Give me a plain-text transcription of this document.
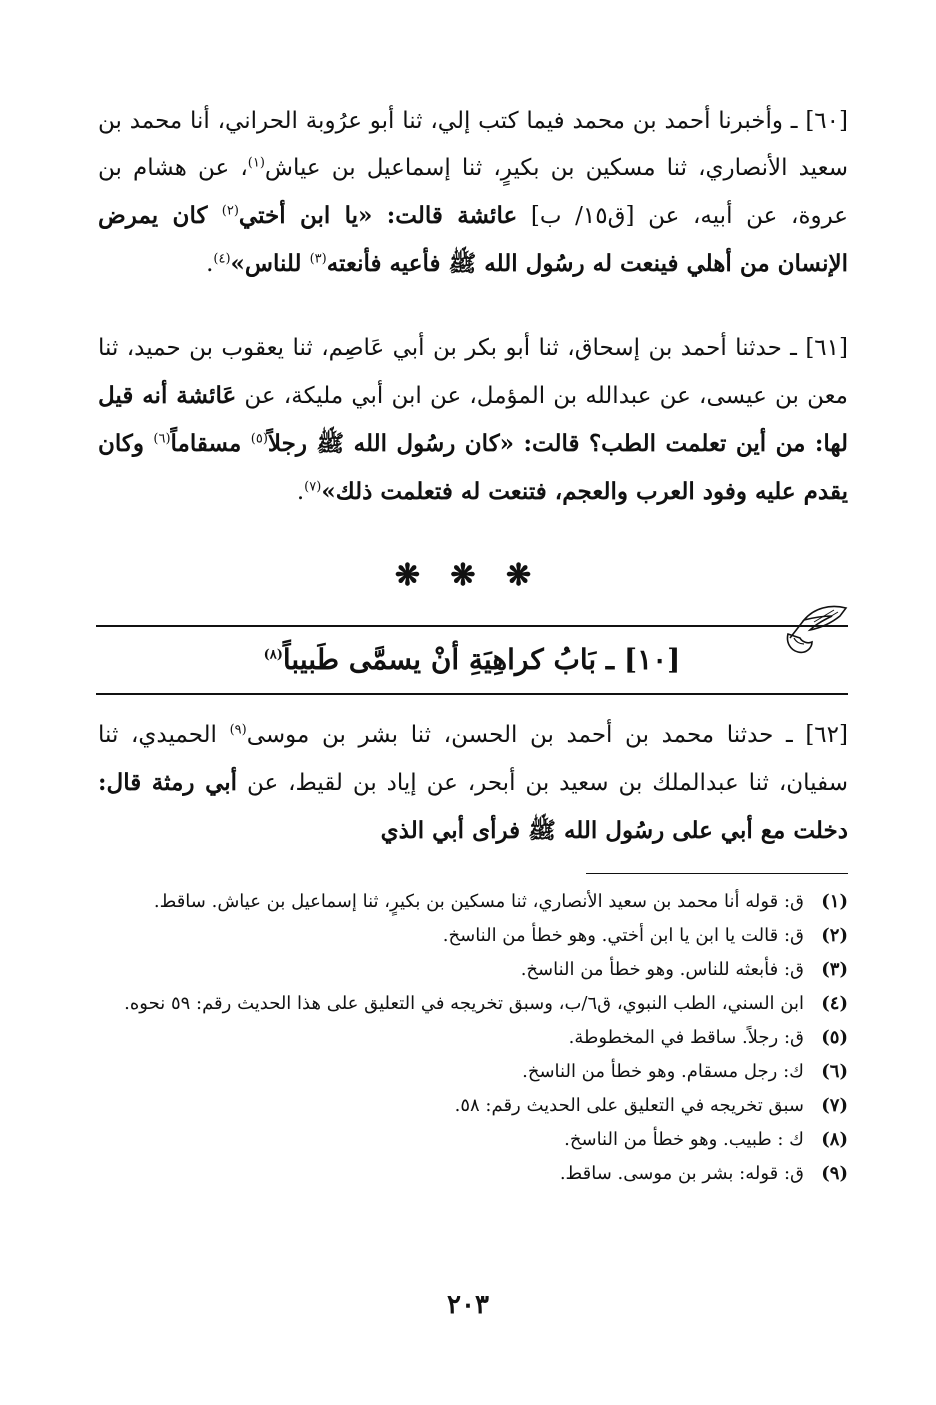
[٦٠] ـ وأخبرنا أحمد بن محمد فيما كتب إلي، ثنا أبو عرُوبة الحراني، أنا محمد بن سعيد الأنصاري، ثنا مسكين بن بكيرٍ، ثنا إسماعيل بن عياش$^{(١)}$، عن هشام بن عروة، عن أبيه، عن [ق١٥/ ب] عائشة قالت: «يا ابن أختي$^{(٢)}$ كان يمرض الإنسان من أهلي فينعت له رسُول الله ﷺ فأعيه فأنعته$^{(٣)}$ للناس»$^{(٤)}$.
[٦١] ـ حدثنا أحمد بن إسحاق، ثنا أبو بكر بن أبي عَاصِم، ثنا يعقوب بن حميد، ثنا معن بن عيسى، عن عبدالله بن المؤمل، عن ابن أبي مليكة، عن عَائشة أنه قيل لها: من أين تعلمت الطب؟ قالت: «كان رسُول الله ﷺ رجلاً$^{(٥)}$ مسقاماً$^{(٦)}$ وكان يقدم عليه وفود العرب والعجم، فتنعت له فتعلمت ذلك»$^{(٧)}$.
❋ ❋ ❋
[١٠] ـ بَابُ كراهِيَةِ أنْ يسمَّى طَبيباً$^{(٨)}$
[٦٢] ـ حدثنا محمد بن أحمد بن الحسن، ثنا بشر بن موسى$^{(٩)}$ الحميدي، ثنا سفيان، ثنا عبدالملك بن سعيد بن أبحر، عن إياد بن لقيط، عن أبي رمثة قال: دخلت مع أبي على رسُول الله ﷺ فرأى أبي الذي
(١)
ق: قوله أنا محمد بن سعيد الأنصاري، ثنا مسكين بن بكيرٍ، ثنا إسماعيل بن عياش. ساقط.
(٢)
ق: قالت يا ابن يا ابن أختي. وهو خطأ من الناسخ.
(٣)
ق: فأبعثه للناس. وهو خطأ من الناسخ.
(٤)
ابن السني، الطب النبوي، ق٦/ب، وسبق تخريجه في التعليق على هذا الحديث رقم: ٥٩ نحوه.
(٥)
ق: رجلاً. ساقط في المخطوطة.
(٦)
ك: رجل مسقام. وهو خطأ من الناسخ.
(٧)
سبق تخريجه في التعليق على الحديث رقم: ٥٨.
(٨)
ك : طبيب. وهو خطأ من الناسخ.
(٩)
ق: قوله: بشر بن موسى. ساقط.
٢٠٣
